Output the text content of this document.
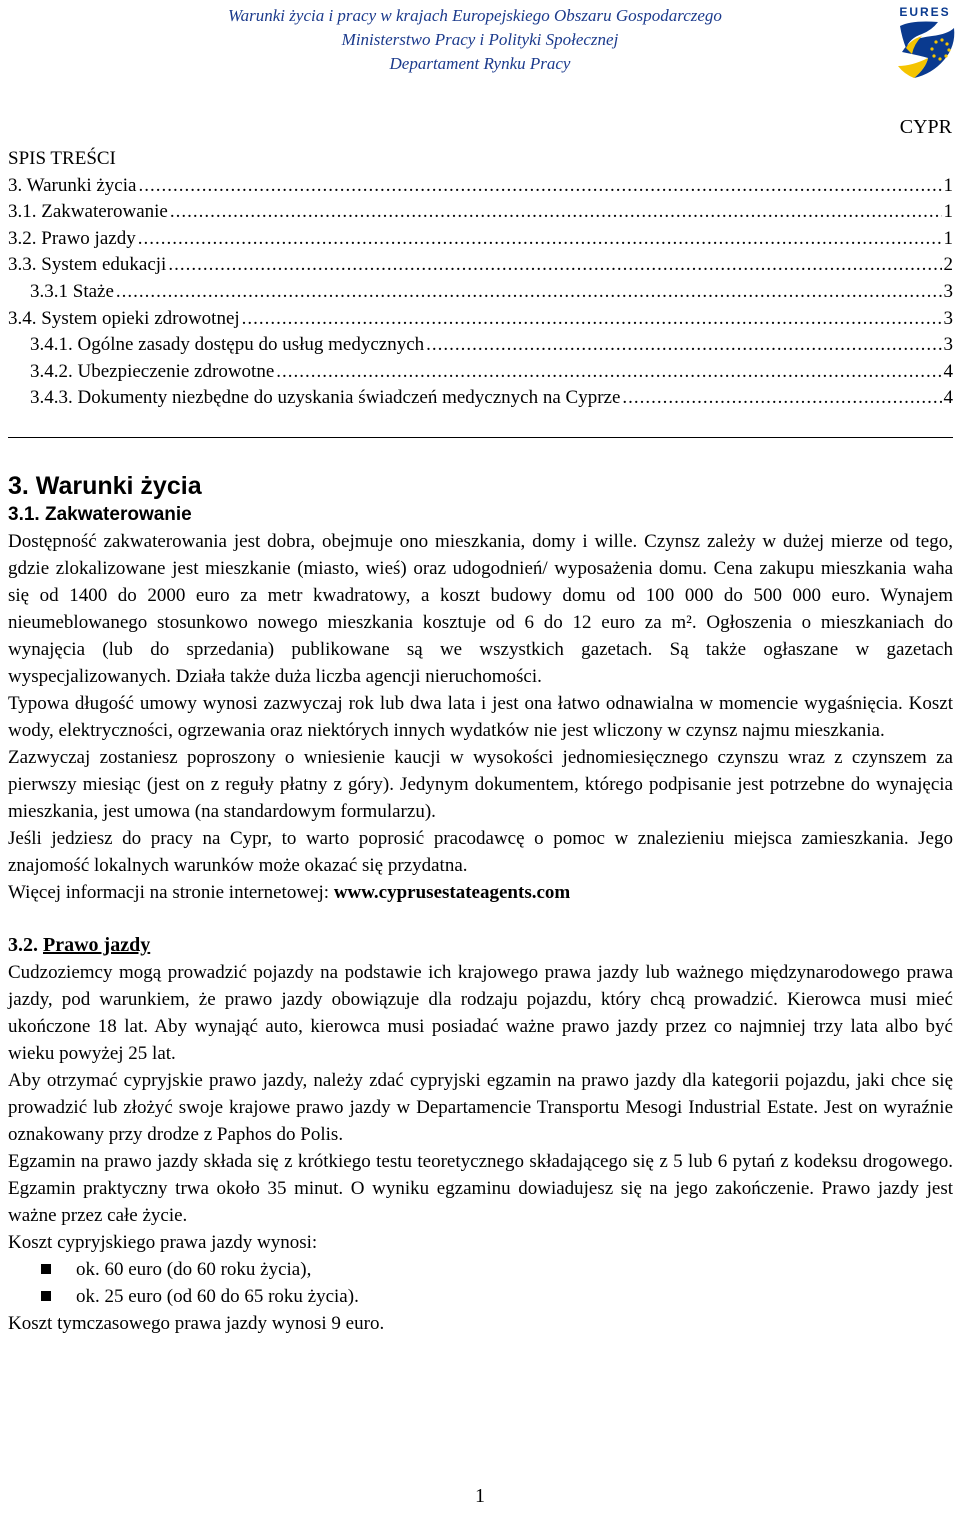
Warunki życia i pracy w krajach Europejskiego Obszaru Gospodarczego
Ministerstwo Pracy i Polityki Społecznej
Departament Rynku Pracy
EURES
CYPR
SPIS TREŚCI
3. Warunki życia .....	1
3.1. Zakwaterowanie .....	1
3.2. Prawo jazdy .....	1
3.3. System edukacji .....	2
3.3.1 Staże .....	3
3.4. System opieki zdrowotnej .....	3
3.4.1. Ogólne zasady dostępu do usług medycznych .....	3
3.4.2. Ubezpieczenie zdrowotne .....	4
3.4.3. Dokumenty niezbędne do uzyskania świadczeń medycznych na Cyprze .....	4
3. Warunki życia
3.1. Zakwaterowanie

Dostępność zakwaterowania jest dobra, obejmuje ono mieszkania, domy i wille. Czynsz zależy w dużej mierze od tego, gdzie zlokalizowane jest mieszkanie (miasto, wieś) oraz udogodnień/ wyposażenia domu. Cena zakupu mieszkania waha się od 1400 do 2000 euro za metr kwadratowy, a koszt budowy domu od 100 000 do 500 000 euro. Wynajem nieumeblowanego stosunkowo nowego mieszkania kosztuje od 6 do 12 euro za m². Ogłoszenia o mieszkaniach do wynajęcia (lub do sprzedania) publikowane są we wszystkich gazetach. Są także ogłaszane w gazetach wyspecjalizowanych. Działa także duża liczba agencji nieruchomości.

Typowa długość umowy wynosi zazwyczaj rok lub dwa lata i jest ona łatwo odnawialna w momencie wygaśnięcia. Koszt wody, elektryczności, ogrzewania oraz niektórych innych wydatków nie jest wliczony w czynsz najmu mieszkania.

Zazwyczaj zostaniesz poproszony o wniesienie kaucji w wysokości jednomiesięcznego czynszu wraz z czynszem za pierwszy miesiąc (jest on z reguły płatny z góry). Jedynym dokumentem, którego podpisanie jest potrzebne do wynajęcia mieszkania, jest umowa (na standardowym formularzu).

Jeśli jedziesz do pracy na Cypr, to warto poprosić pracodawcę o pomoc w znalezieniu miejsca zamieszkania. Jego znajomość lokalnych warunków może okazać się przydatna.

Więcej informacji na stronie internetowej: www.cyprusestateagents.com

3.2. Prawo jazdy

Cudzoziemcy mogą prowadzić pojazdy na podstawie ich krajowego prawa jazdy lub ważnego międzynarodowego prawa jazdy, pod warunkiem, że prawo jazdy obowiązuje dla rodzaju pojazdu, który chcą prowadzić. Kierowca musi mieć ukończone 18 lat. Aby wynająć auto, kierowca musi posiadać ważne prawo jazdy przez co najmniej trzy lata albo być wieku powyżej 25 lat.

Aby otrzymać cypryjskie prawo jazdy, należy zdać cypryjski egzamin na prawo jazdy dla kategorii pojazdu, jaki chce się prowadzić lub złożyć swoje krajowe prawo jazdy w Departamencie Transportu Mesogi Industrial Estate. Jest on wyraźnie oznakowany przy drodze z Paphos do Polis.

Egzamin na prawo jazdy składa się z krótkiego testu teoretycznego składającego się z 5 lub 6 pytań z kodeksu drogowego. Egzamin praktyczny trwa około 35 minut. O wyniku egzaminu dowiadujesz się na jego zakończenie. Prawo jazdy jest ważne przez całe życie.

Koszt cypryjskiego prawa jazdy wynosi:

ok. 60 euro (do 60 roku życia),
ok. 25 euro (od 60 do 65 roku życia).

Koszt tymczasowego prawa jazdy wynosi 9 euro.

1
